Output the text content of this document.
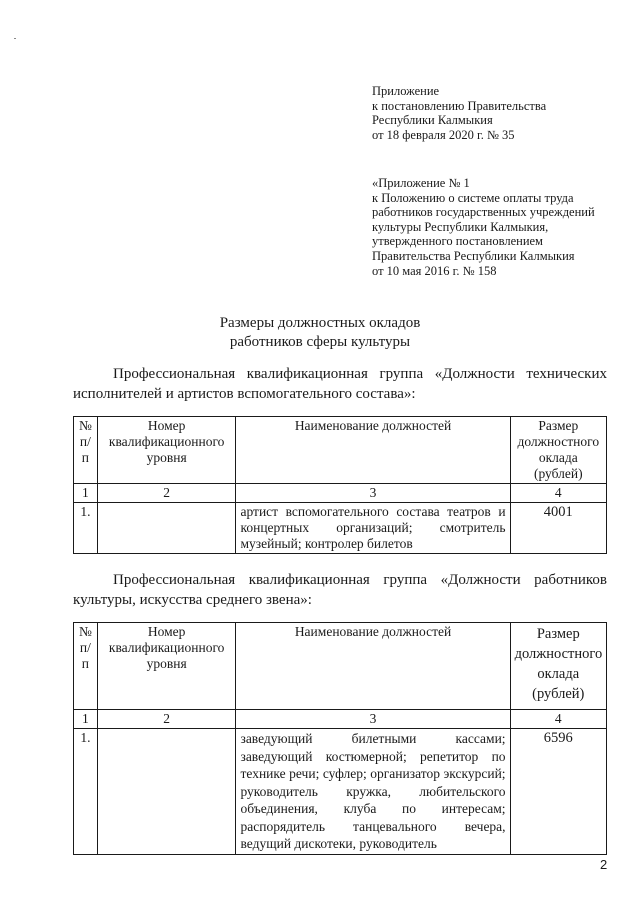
Приложение
к постановлению Правительства
Республики Калмыкия
от 18 февраля 2020 г. № 35
«Приложение № 1
к Положению о системе оплаты труда
работников государственных учреждений
культуры Республики Калмыкия,
утвержденного постановлением
Правительства Республики Калмыкия
от 10 мая 2016 г. № 158
Размеры должностных окладов
работников сферы культуры
Профессиональная квалификационная группа «Должности технических исполнителей и артистов вспомогательного состава»:
№ п/п	Номер квалификационного уровня	Наименование должностей	Размер должностного оклада (рублей)
1	2	3	4
1.		артист вспомогательного состава театров и концертных организаций; смотритель музейный; контролер билетов	4001
Профессиональная квалификационная группа «Должности работников культуры, искусства среднего звена»:
№ п/п	Номер квалификационного уровня	Наименование должностей	Размер должностного оклада (рублей)
1	2	3	4
1.		заведующий билетными кассами; заведующий костюмерной; репетитор по технике речи; суфлер; организатор экскурсий; руководитель кружка, любительского объединения, клуба по интересам; распорядитель танцевального вечера, ведущий дискотеки, руководитель	6596
2
